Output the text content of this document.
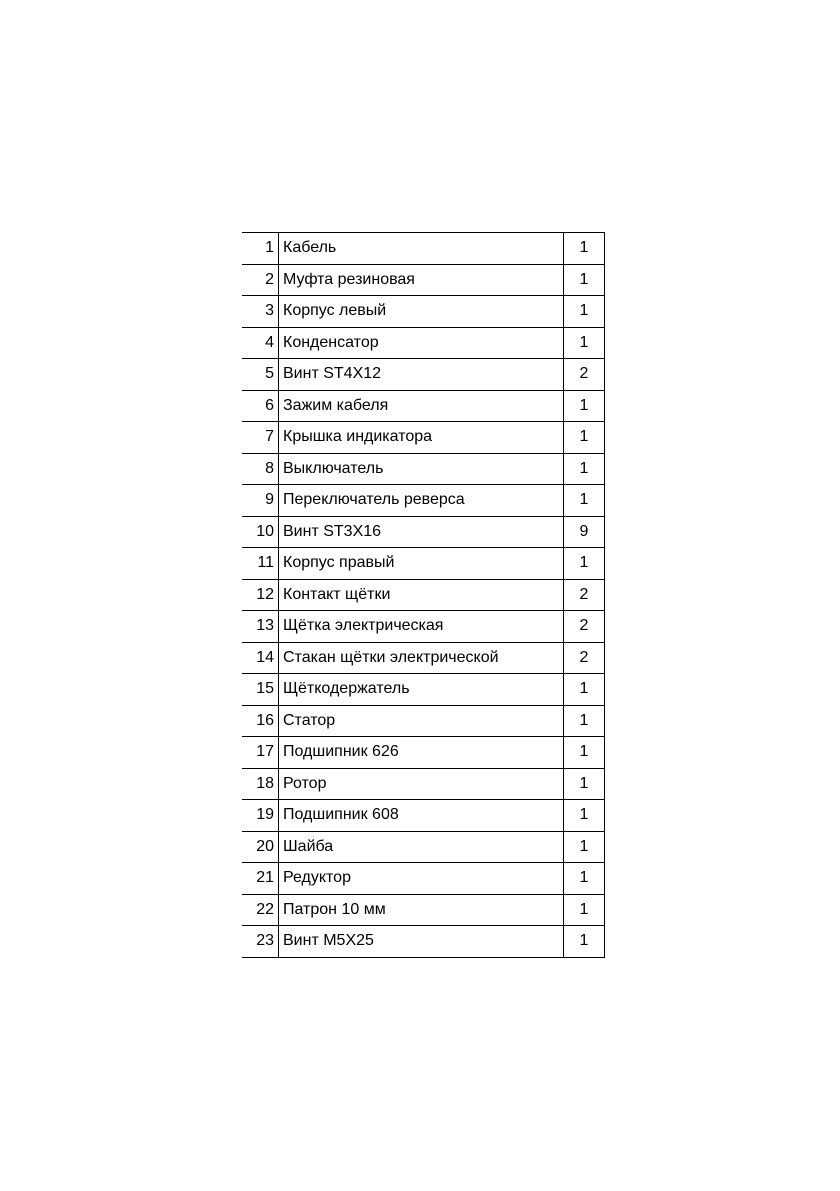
1	Кабель	1
2	Муфта резиновая	1
3	Корпус левый	1
4	Конденсатор	1
5	Винт ST4X12	2
6	Зажим кабеля	1
7	Крышка индикатора	1
8	Выключатель	1
9	Переключатель реверса	1
10	Винт ST3X16	9
11	Корпус правый	1
12	Контакт щётки	2
13	Щётка электрическая	2
14	Стакан щётки электрической	2
15	Щёткодержатель	1
16	Статор	1
17	Подшипник 626	1
18	Ротор	1
19	Подшипник 608	1
20	Шайба	1
21	Редуктор	1
22	Патрон 10 мм	1
23	Винт M5X25	1
